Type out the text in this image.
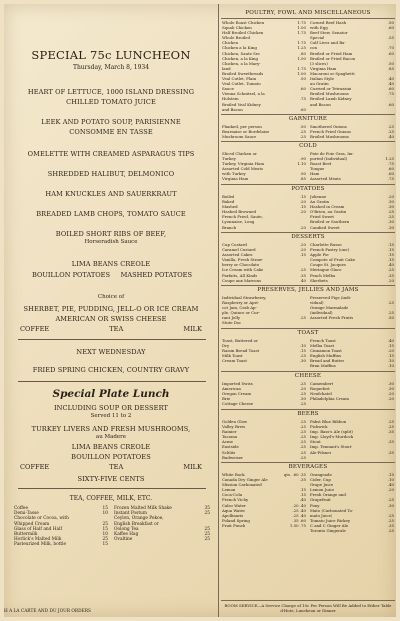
SPECIAL 75c LUNCHEON
Thursday, March 8, 1934
HEART OF LETTUCE, 1000 ISLAND DRESSING
CHILLED TOMATO JUICE
LEEK AND POTATO SOUP, PARISIENNE
CONSOMME EN TASSE
OMELETTE WITH CREAMED ASPARAGUS TIPS
SHREDDED HALIBUT, DELMONICO
HAM KNUCKLES AND SAUERKRAUT
BREADED LAMB CHOPS, TOMATO SAUCE
BOILED SHORT RIBS OF BEEF,
Horseradish Sauce
LIMA BEANS CREOLE
BOUILLON POTATOES MASHED POTATOES
Choice of
SHERBET, PIE, PUDDING, JELL-O OR ICE CREAM
AMERICAN OR SWISS CHEESE
COFFEE	TEA	MILK
NEXT WEDNESDAY
FRIED SPRING CHICKEN, COUNTRY GRAVY
Special Plate Lunch
INCLUDING SOUP OR DESSERT
Served 11 to 2
TURKEY LIVERS AND FRESH MUSHROOMS,
au Madere
LIMA BEANS CREOLE
BOUILLON POTATOES
COFFEE	TEA	MILK
SIXTY-FIVE CENTS
TEA, COFFEE, MILK, ETC.
Coffee	15
Demi-Tasse	10
Chocolate or Cocoa, with
Whipped Cream	25
Glass of Half and Half	15
Buttermilk	10
Horlick's Malted Milk	25
Pasteurized Milk, bottle	15
Frozen Malted Milk Shake	35
Instant Postum	25
Ceylon, Orange Pekoe,
English Breakfast or
Oolong Tea	25
Kaffee Hag	25
Ovaltine	25
H A LA CARTE AND DU JOUR ORDERS
POULTRY, FOWL AND MISCELLANEOUS
Whole Roast Chicken	1.75
Squab Chicken	1.00
Half Broiled Chicken	1.75
Whole Broiled
Chicken	1.75
Chicken a la King	1.25
Chicken, Saute Sec	.80
Chicken, a la King	1.00
Chicken, a la Mary-
land	1.75
Broiled Sweetbreads	1.00
Veal Cutlet, Plain	.50
Veal Cutlet, Tomato
Sauce	.60
Vienna Schnitzel, a la
Holstein	.75
Broiled Veal Kidney
and Bacon	.60
Corned Beef Hash	.50
with Egg	.60
Beef Stew, Senator
Special	.55
Calf Liver and Ba-
con	.70
Broiled or Fried Ham	.60
Broiled or Fried Bacon
(3 slices)	.50
Virginia Ham	.85
Macaroni or Spaghetti
Italian Style	.40
au Gratin	.40
Curried or Tetrazzini	.60
Broiled Mushrooms	.75
Broiled Lamb Kidney
and Bacon	.60
GARNITURE
Planked, per person	.50
Bearnaise or Bordelaise	.25
Mushroom Sauce	.25
Smothered Onions	.25
French Fried Onions	.25
Broiled Mushrooms	.40
COLD
Sliced Chicken or
Turkey	.90
Turkey, Virginia Ham	1.10
Assorted Cold Meats
with Turkey	.90
Virginia Ham	.85
Pate de Foie Gras, Im-
ported (Individual)	1.25
Roast Beef	.75
Tongue	.60
Ham	.60
Assorted Meats	.75
POTATOES
Boiled	.15
Baked	.20
Mashed	.15
Hashed Browned	.20
French Fried, Saute,
Lyonnaise, Long
Branch	.20
Julienne	.20
Au Gratin	.30
Hashed in Cream	.30
O'Brien, au Gratin	.25
Fried Sweet	.25
Broiled or Southern	.30
Candied Sweet	.30
DESSERTS
Cup Custard	.20
Caramel Custard	.20
Assorted Cakes	.15
Vanilla, Fresh Straw-
berry or Chocolate
Ice Cream with Cake	.25
Parfaits, All Kinds	.35
Coupe aux Marrons	.40
Charlotte Russe	.15
French Pastry (one)	.15
Apple Pie	.15
Compote of Fruit Cake	.15
Coupe St. Jacques	.40
Meringue Glace	.25
Peach Melba	.35
Sherbets	.20
PRESERVES, JELLIES AND JAMS
Individual Strawberry,
Raspberry or Apri-
cot Jam, Crab Ap-
ple, Quince or Cur-
rant Jelly	.25
Stute Doc
Preserved Figs (indi-
vidual)	.25
Orange Marmalade
(individual)	.25
Assorted Fresh Fruits	.50
TOAST
Toast, Buttered or
Dry	.10
Raisin Bread Toast	.15
Milk Toast	.25
Cream Toast	.30
French Toast	.40
Melba Toast	.15
Cinnamon Toast	.20
English Muffins	.15
Bread and Butter	.10
Bran Muffins	.10
CHEESE
Imported Swiss	.25
American	.20
Oregon Cream	.25
Brie	.30
Cottage Cheese	.25
Camembert	.30
Roquefort	.30
Neufchatel	.20
Philadelphia Cream	.20
BEERS
Golden Glow	.25
Valley Brew	.25
Rainier	.25
Tacoma	.25
Acme	.25
Eastside	.25
Schlitz	.25
Budweiser	.25
Pabst Blue Ribbon	.25
Pickwick	.25
Imp. Bass's Ale (split)	.35
Imp. Lloyd's-Murdock
Stout	.35
Imp. Tennant's Stout-
Ale-Pilsner	.35
BEVERAGES
White Rock	qts. .60 .35
Canada Dry Ginger Ale	.35
Mission Carbonated
Lemon	.15
Coca-Cola	.15
French Vichy	.40
Calso Water	.20 .40
Aqua Water	.25 .40
Apollinaris	.25 .40
Poland Spring	.35 .60
Fruit Punch	1.50 .75
Orangeade	.15
Cider, Cup	.10
Grape Juice	.40
Lemon Juice	.20
Fresh Orange and
Grapefruit	.25
Pony	.30
Mato (Carbonated To-
mato Juice)	.25
Tomato Juice Rickey	.25
C and C Ginger Ale	.35
Toronto Gingerale	.25
ROOM SERVICE—A Service Charge of 10c Per Person Will Be Added to Either Table d'Hote, Luncheon or Dinner
